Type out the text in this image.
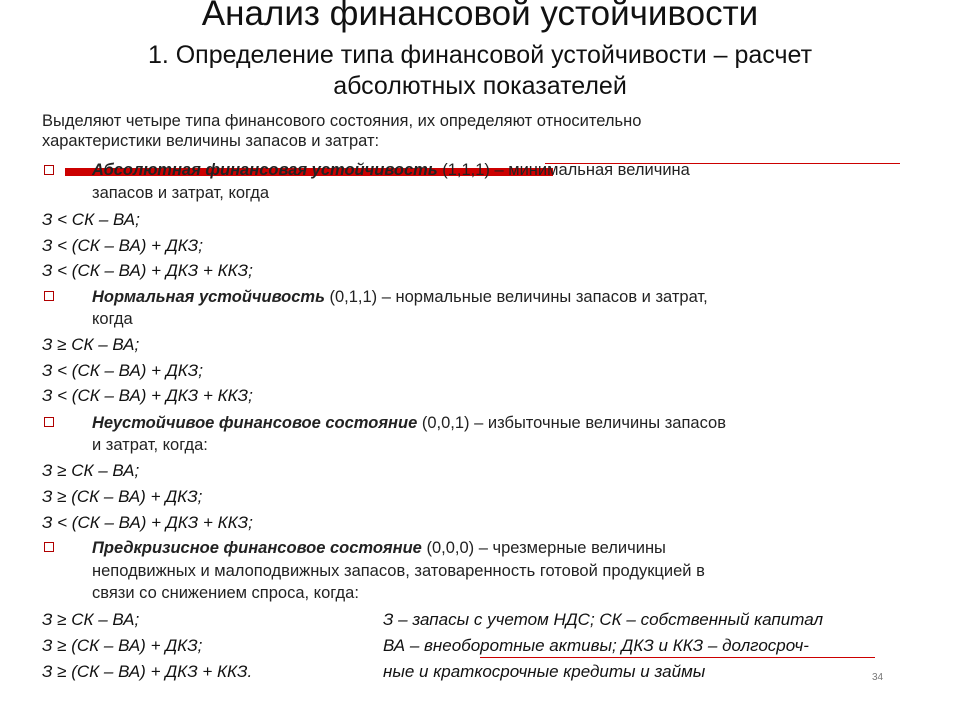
Анализ финансовой устойчивости
1. Определение типа финансовой устойчивости – расчет
абсолютных показателей
Выделяют четыре типа финансового состояния, их определяют относительно
характеристики величины запасов и затрат:
Абсолютная финансовая устойчивость (1,1,1) – минимальная величина
запасов и затрат, когда
З < СК – ВА;
З < (СК – ВА) + ДКЗ;
З < (СК – ВА) + ДКЗ + ККЗ;
Нормальная устойчивость (0,1,1) – нормальные величины запасов и затрат,
когда
З ≥ СК – ВА;
З < (СК – ВА) + ДКЗ;
З < (СК – ВА) + ДКЗ + ККЗ;
Неустойчивое финансовое состояние (0,0,1) – избыточные величины запасов
и затрат, когда:
З ≥ СК – ВА;
З ≥ (СК – ВА) + ДКЗ;
З < (СК – ВА) + ДКЗ + ККЗ;
Предкризисное финансовое состояние (0,0,0) – чрезмерные величины
неподвижных и малоподвижных запасов, затоваренность готовой продукцией в
связи со снижением спроса, когда:
З ≥ СК – ВА;
З ≥ (СК – ВА) + ДКЗ;
З ≥ (СК – ВА) + ДКЗ + ККЗ.
З – запасы с учетом НДС; СК – собственный капитал
ВА – внеоборотные активы; ДКЗ и ККЗ – долгосроч-
ные и краткосрочные кредиты и займы	34
